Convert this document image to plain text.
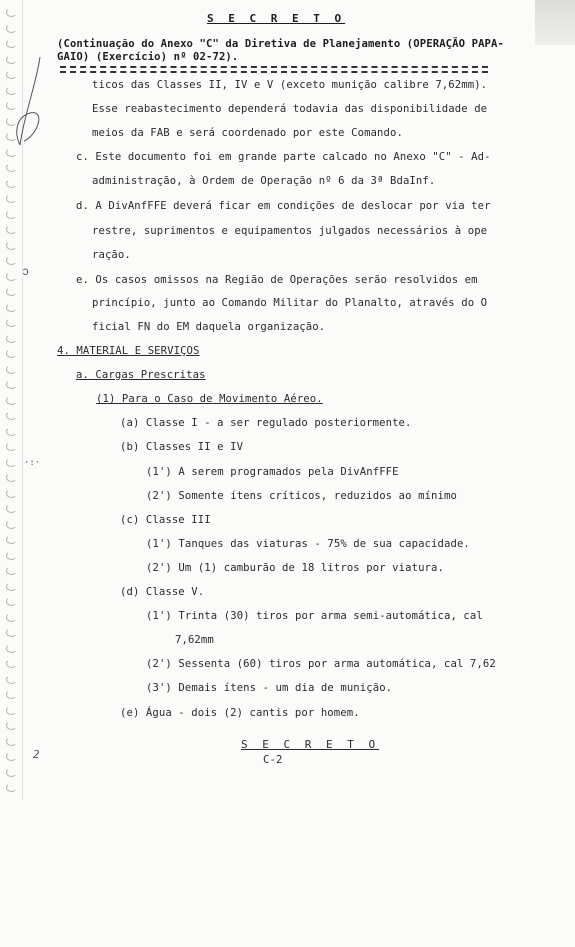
S E C R E T O
(Continuação do Anexo "C" da Diretiva de Planejamento (OPERAÇÃO PAPA-
GAIO) (Exercício) nº 02-72).
ticos das Classes II, IV e V (exceto munição calibre 7,62mm).
Esse reabastecimento dependerá todavia das disponibilidade de
meios da FAB e será coordenado por este Comando.
c. Este documento foi em grande parte calcado no Anexo "C" - Ad-
administração, à Ordem de Operação nº 6 da 3ª BdaInf.
d. A DivAnfFFE deverá ficar em condições de deslocar por via ter
restre, suprimentos e equipamentos julgados necessários à ope
ração.
e. Os casos omissos na Região de Operações serão resolvidos em
princípio, junto ao Comando Militar do Planalto, através do O
ficial FN do EM daquela organização.
4. MATERIAL E SERVIÇOS
a. Cargas Prescritas
(1) Para o Caso de Movimento Aéreo.
(a) Classe I - a ser regulado posteriormente.
(b) Classes II e IV
(1') A serem programados pela DivAnfFFE
(2') Somente ítens críticos, reduzidos ao mínimo
(c) Classe III
(1') Tanques das viaturas - 75% de sua capacidade.
(2') Um (1) camburão de 18 litros por viatura.
(d) Classe V.
(1') Trinta (30) tiros por arma semi-automática, cal
7,62mm
(2') Sessenta (60) tiros por arma automática, cal 7,62
(3') Demais ítens - um dia de munição.
(e) Água - dois (2) cantis por homem.
S E C R E T O
C-2
2
ↄ
·:·
